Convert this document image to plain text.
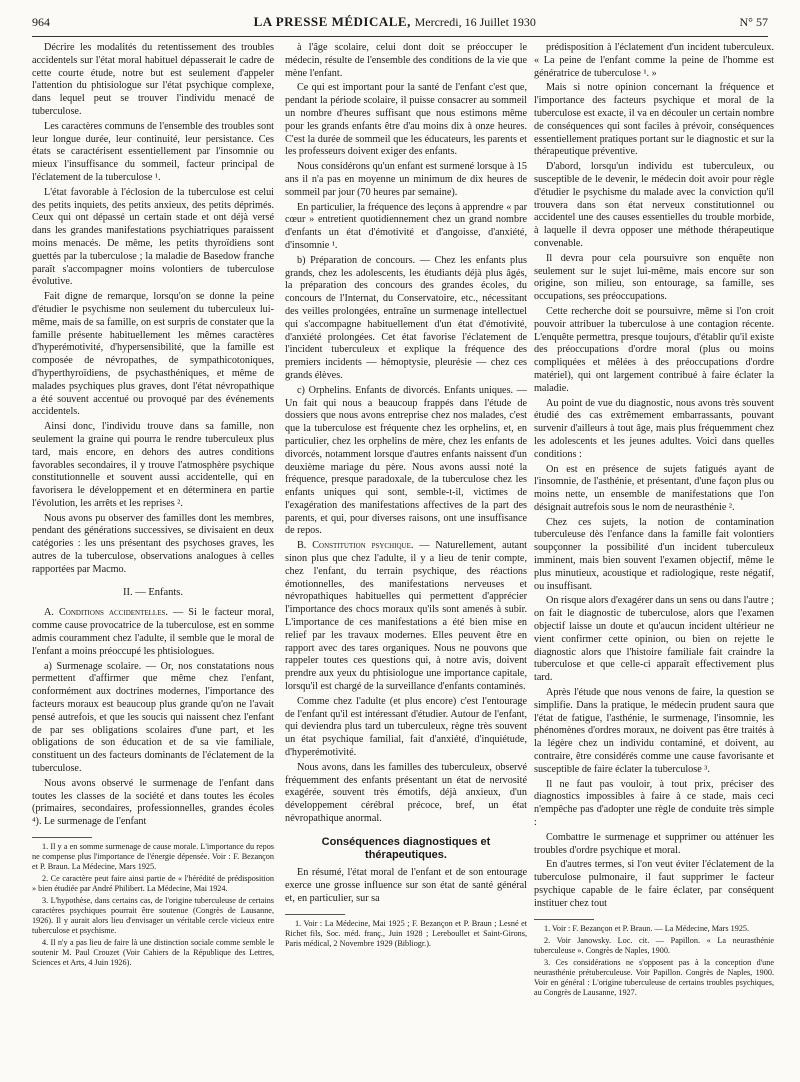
964	LA PRESSE MÉDICALE, Mercredi, 16 Juillet 1930	N° 57

Décrire les modalités du retentissement des troubles accidentels sur l'état moral habituel dépasserait le cadre de cette courte étude, notre but est seulement d'appeler l'attention du phtisiologue sur l'état psychique complexe, dans lequel peut se trouver l'individu menacé de tuberculose.

Les caractères communs de l'ensemble des troubles sont leur longue durée, leur continuité, leur persistance. Ces états se caractérisent essentiellement par l'insomnie ou mieux l'insuffisance du sommeil, facteur principal de l'éclatement de la tuberculose ¹.

L'état favorable à l'éclosion de la tuberculose est celui des petits inquiets, des petits anxieux, des petits déprimés. Ceux qui ont dépassé un certain stade et ont déjà versé dans les grandes manifestations psychiatriques paraissent moins menacés. De même, les petits thyroïdiens sont guettés par la tuberculose ; la maladie de Basedow franche paraît s'accompagner moins volontiers de tuberculose évolutive.

Fait digne de remarque, lorsqu'on se donne la peine d'étudier le psychisme non seulement du tuberculeux lui-même, mais de sa famille, on est surpris de constater que la famille présente habituellement les mêmes caractères d'hyperémotivité, d'hypersensibilité, que la famille est composée de névropathes, de sympathicotoniques, d'hyperthyroïdiens, de psychasthéniques, et même de malades psychiques plus graves, dont l'état névropathique a été souvent accentué ou provoqué par des événements accidentels.

Ainsi donc, l'individu trouve dans sa famille, non seulement la graine qui pourra le rendre tuberculeux plus tard, mais encore, en dehors des autres conditions favorables secondaires, il y trouve l'atmosphère psychique constitutionnelle et souvent aussi accidentelle, qui en favorisera le développement et en déterminera en partie l'évolution, les arrêts et les reprises ².

Nous avons pu observer des familles dont les membres, pendant des générations successives, se divisaient en deux catégories : les uns présentant des psychoses graves, les autres de la tuberculose, observations analogues à celles rapportées par Macmo.

II. — Enfants.

A. Conditions accidentelles. — Si le facteur moral, comme cause provocatrice de la tuberculose, est en somme admis couramment chez l'adulte, il semble que le moral de l'enfant a moins préoccupé les phtisiologues.

a) Surmenage scolaire. — Or, nos constatations nous permettent d'affirmer que même chez l'enfant, conformément aux doctrines modernes, l'importance des facteurs moraux est beaucoup plus grande qu'on ne l'avait pensé autrefois, et que les soucis qui naissent chez l'enfant de par ses obligations scolaires d'une part, et les obligations de son éducation et de sa vie familiale, constituent un des facteurs dominants de l'éclatement de la tuberculose.

Nous avons observé le surmenage de l'enfant dans toutes les classes de la société et dans toutes les écoles (primaires, secondaires, professionnelles, grandes écoles ⁴). Le surmenage de l'enfant

1. Il y a en somme surmenage de cause morale. L'importance du repos ne compense plus l'importance de l'énergie dépensée. Voir : F. Bezançon et P. Braun. La Médecine, Mars 1925.

2. Ce caractère peut faire ainsi partie de « l'hérédité de prédisposition » bien étudiée par André Philibert. La Médecine, Mai 1924.

3. L'hypothèse, dans certains cas, de l'origine tuberculeuse de certains caractères psychiques pourrait être soutenue (Congrès de Lausanne, 1926). Il y aurait alors lieu d'envisager un véritable cercle vicieux entre tuberculose et psychisme.

4. Il n'y a pas lieu de faire là une distinction sociale comme semble le soutenir M. Paul Crouzet (Voir Cahiers de la République des Lettres, Sciences et Arts, 4 Juin 1926).

à l'âge scolaire, celui dont doit se préoccuper le médecin, résulte de l'ensemble des conditions de la vie que mène l'enfant.

Ce qui est important pour la santé de l'enfant c'est que, pendant la période scolaire, il puisse consacrer au sommeil un nombre d'heures suffisant que nous estimons même pour les grands enfants être d'au moins dix à onze heures. C'est la durée de sommeil que les éducateurs, les parents et les professeurs doivent exiger des enfants.

Nous considérons qu'un enfant est surmené lorsque à 15 ans il n'a pas en moyenne un minimum de dix heures de sommeil par jour (70 heures par semaine).

En particulier, la fréquence des leçons à apprendre « par cœur » entretient quotidiennement chez un grand nombre d'enfants un état d'émotivité et d'angoisse, d'anxiété, d'insomnie ¹.

b) Préparation de concours. — Chez les enfants plus grands, chez les adolescents, les étudiants déjà plus âgés, la préparation des concours des grandes écoles, du concours de l'Internat, du Conservatoire, etc., nécessitant des veilles prolongées, entraîne un surmenage intellectuel qui s'accompagne habituellement d'un état d'émotivité, d'anxiété prolongées. Cet état favorise l'éclatement de l'incident tuberculeux et explique la fréquence des premiers incidents — hémoptysie, pleurésie — chez ces grands élèves.

c) Orphelins. Enfants de divorcés. Enfants uniques. — Un fait qui nous a beaucoup frappés dans l'étude de dossiers que nous avons entreprise chez nos malades, c'est que la tuberculose est fréquente chez les orphelins, et, en particulier, chez les orphelins de mère, chez les enfants de divorcés, notamment lorsque d'autres enfants naissent d'un deuxième mariage du père. Nous avons aussi noté la fréquence, presque paradoxale, de la tuberculose chez les enfants uniques qui sont, semble-t-il, victimes de l'exagération des manifestations affectives de la part des parents, et qui, pour diverses raisons, ont une insuffisance de repos.

B. Constitution psychique. — Naturellement, autant sinon plus que chez l'adulte, il y a lieu de tenir compte, chez l'enfant, du terrain psychique, des réactions émotionnelles, des manifestations nerveuses et névropathiques habituelles qui permettent d'apprécier l'importance des chocs moraux qu'ils sont amenés à subir. L'importance de ces manifestations a été bien mise en relief par les travaux modernes. Elles peuvent être en rapport avec des tares organiques. Nous ne pouvons que rappeler toutes ces questions qui, à notre avis, doivent prendre aux yeux du phtisiologue une importance capitale, lorsqu'il est chargé de la surveillance d'enfants contaminés.

Comme chez l'adulte (et plus encore) c'est l'entourage de l'enfant qu'il est intéressant d'étudier. Autour de l'enfant, qui deviendra plus tard un tuberculeux, règne très souvent un état psychique familial, fait d'anxiété, d'inquiétude, d'hyperémotivité.

Nous avons, dans les familles des tuberculeux, observé fréquemment des enfants présentant un état de nervosité exagérée, souvent très émotifs, déjà anxieux, d'un développement cérébral précoce, bref, un état névropathique anormal.

Conséquences diagnostiques et thérapeutiques.

En résumé, l'état moral de l'enfant et de son entourage exerce une grosse influence sur son état de santé général et, en particulier, sur sa

1. Voir : La Médecine, Mai 1925 ; F. Bezançon et P. Braun ; Lesné et Richet fils, Soc. méd. franç., Juin 1928 ; Lereboullet et Saint-Girons, Paris médical, 2 Novembre 1929 (Bibliogr.).

prédisposition à l'éclatement d'un incident tuberculeux. « La peine de l'enfant comme la peine de l'homme est génératrice de tuberculose ¹. »

Mais si notre opinion concernant la fréquence et l'importance des facteurs psychique et moral de la tuberculose est exacte, il va en découler un certain nombre de conséquences qui sont faciles à prévoir, conséquences essentiellement pratiques portant sur le diagnostic et sur la thérapeutique préventive.

D'abord, lorsqu'un individu est tuberculeux, ou susceptible de le devenir, le médecin doit avoir pour règle d'étudier le psychisme du malade avec la conviction qu'il trouvera dans son état nerveux constitutionnel ou accidentel une des causes essentielles du trouble morbide, à laquelle il devra opposer une méthode thérapeutique convenable.

Il devra pour cela poursuivre son enquête non seulement sur le sujet lui-même, mais encore sur son origine, son milieu, son entourage, sa famille, ses occupations, ses préoccupations.

Cette recherche doit se poursuivre, même si l'on croit pouvoir attribuer la tuberculose à une contagion récente. L'enquête permettra, presque toujours, d'établir qu'il existe des préoccupations d'ordre moral (plus ou moins compliquées et mêlées à des préoccupations d'ordre matériel), qui ont largement contribué à faire éclater la maladie.

Au point de vue du diagnostic, nous avons très souvent étudié des cas extrêmement embarrassants, pouvant survenir d'ailleurs à tout âge, mais plus fréquemment chez les adolescents et les jeunes adultes. Voici dans quelles conditions :

On est en présence de sujets fatigués ayant de l'insomnie, de l'asthénie, et présentant, d'une façon plus ou moins nette, un ensemble de manifestations que l'on désignait autrefois sous le nom de neurasthénie ².

Chez ces sujets, la notion de contamination tuberculeuse dès l'enfance dans la famille fait volontiers soupçonner la possibilité d'un incident tuberculeux imminent, mais bien souvent l'examen objectif, même le plus minutieux, acoustique et radiologique, reste négatif, ou insuffisant.

On risque alors d'exagérer dans un sens ou dans l'autre ; on fait le diagnostic de tuberculose, alors que l'examen objectif laisse un doute et qu'aucun incident ultérieur ne vient confirmer cette opinion, ou bien on rejette le diagnostic alors que l'histoire familiale fait craindre la tuberculose et que celle-ci apparaît effectivement plus tard.

Après l'étude que nous venons de faire, la question se simplifie. Dans la pratique, le médecin prudent saura que l'état de fatigue, l'asthénie, le surmenage, l'insomnie, les phénomènes d'ordres moraux, ne doivent pas être traités à la légère chez un individu contaminé, et doivent, au contraire, être considérés comme une cause favorisante et susceptible de faire éclater la tuberculose ³.

Il ne faut pas vouloir, à tout prix, préciser des diagnostics impossibles à faire à ce stade, mais ceci n'empêche pas d'adopter une règle de conduite très simple :

Combattre le surmenage et supprimer ou atténuer les troubles d'ordre psychique et moral.

En d'autres termes, si l'on veut éviter l'éclatement de la tuberculose pulmonaire, il faut supprimer le facteur psychique capable de le faire éclater, par conséquent instituer chez tout

1. Voir : F. Bezançon et P. Braun. — La Médecine, Mars 1925.

2. Voir Janowsky. Loc. cit. — Papillon. « La neurasthénie tuberculeuse ». Congrès de Naples, 1900.

3. Ces considérations ne s'opposent pas à la conception d'une neurasthénie prétuberculeuse. Voir Papillon. Congrès de Naples, 1900. Voir en général : L'origine tuberculeuse de certains troubles psychiques, au Congrès de Lausanne, 1927.
